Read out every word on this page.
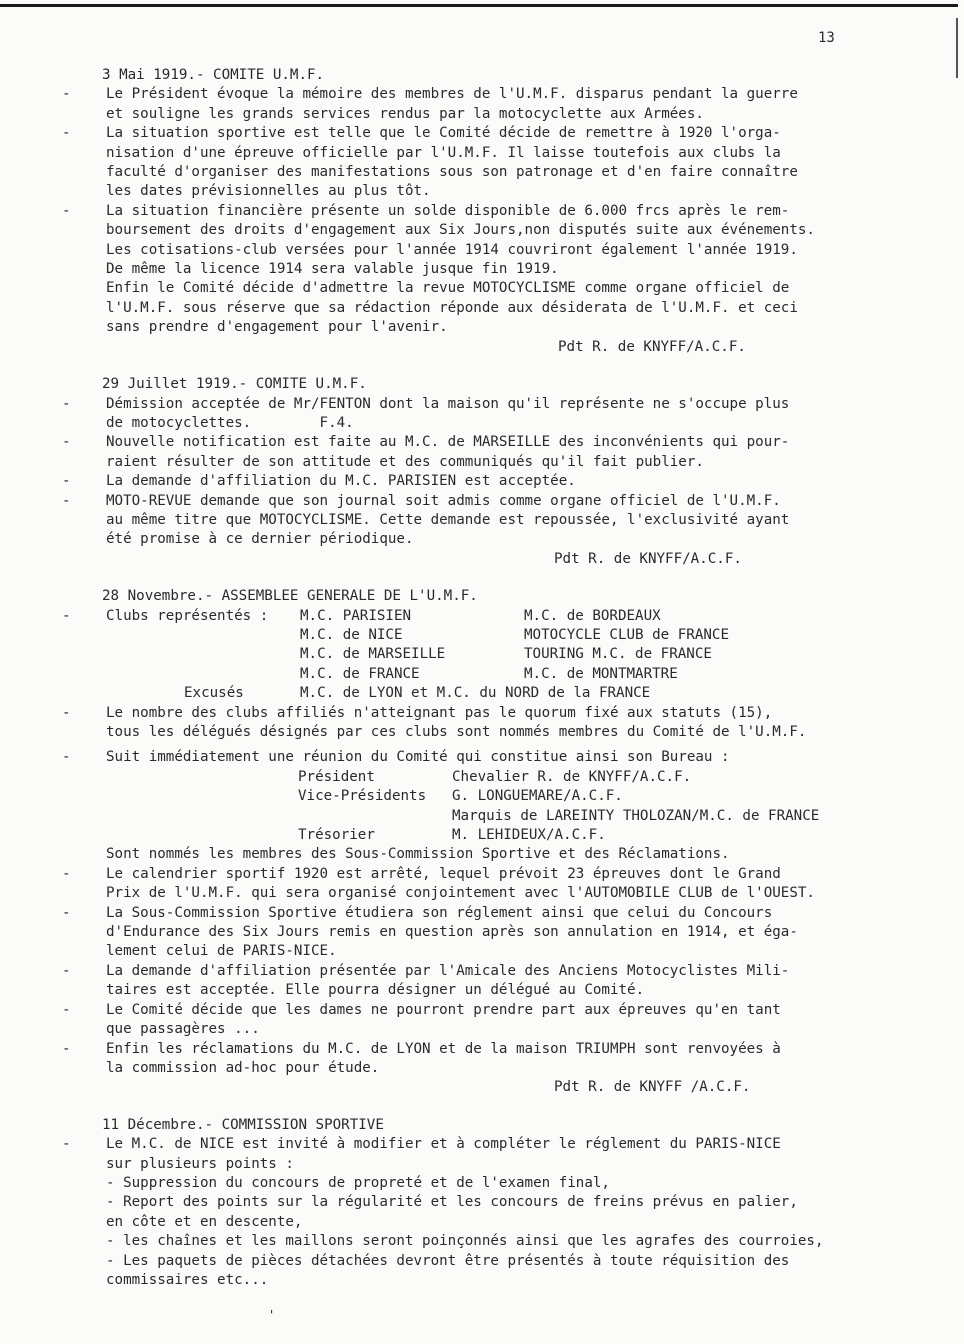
13
3 Mai 1919.- COMITE U.M.F.
- Le Président évoque la mémoire des membres de l'U.M.F. disparus pendant la guerre
et souligne les grands services rendus par la motocyclette aux Armées.
- La situation sportive est telle que le Comité décide de remettre à 1920 l'orga-
nisation d'une épreuve officielle par l'U.M.F. Il laisse toutefois aux clubs la
faculté d'organiser des manifestations sous son patronage et d'en faire connaître
les dates prévisionnelles au plus tôt.
- La situation financière présente un solde disponible de 6.000 frcs après le rem-
boursement des droits d'engagement aux Six Jours,non disputés suite aux événements.
Les cotisations-club versées pour l'année 1914 couvriront également l'année 1919.
De même la licence 1914 sera valable jusque fin 1919.
Enfin le Comité décide d'admettre la revue MOTOCYCLISME comme organe officiel de
l'U.M.F. sous réserve que sa rédaction réponde aux désiderata de l'U.M.F. et ceci
sans prendre d'engagement pour l'avenir.
Pdt R. de KNYFF/A.C.F.
29 Juillet 1919.- COMITE U.M.F.
- Démission acceptée de Mr/FENTON dont la maison qu'il représente ne s'occupe plus
de motocyclettes.        F.4.
- Nouvelle notification est faite au M.C. de MARSEILLE des inconvénients qui pour-
raient résulter de son attitude et des communiqués qu'il fait publier.
- La demande d'affiliation du M.C. PARISIEN est acceptée.
- MOTO-REVUE demande que son journal soit admis comme organe officiel de l'U.M.F.
au même titre que MOTOCYCLISME. Cette demande est repoussée, l'exclusivité ayant
été promise à ce dernier périodique.
Pdt R. de KNYFF/A.C.F.
28 Novembre.- ASSEMBLEE GENERALE DE L'U.M.F.
- Clubs représentés :	M.C. PARISIEN	M.C. de BORDEAUX
M.C. de NICE	MOTOCYCLE CLUB de FRANCE
M.C. de MARSEILLE	TOURING M.C. de FRANCE
M.C. de FRANCE	M.C. de MONTMARTRE
Excusés	M.C. de LYON et M.C. du NORD de la FRANCE
- Le nombre des clubs affiliés n'atteignant pas le quorum fixé aux statuts (15),
tous les délégués désignés par ces clubs sont nommés membres du Comité de l'U.M.F.
- Suit immédiatement une réunion du Comité qui constitue ainsi son Bureau :
Président	Chevalier R. de KNYFF/A.C.F.
Vice-Présidents	G. LONGUEMARE/A.C.F.
Marquis de LAREINTY THOLOZAN/M.C. de FRANCE
Trésorier	M. LEHIDEUX/A.C.F.
Sont nommés les membres des Sous-Commission Sportive et des Réclamations.
- Le calendrier sportif 1920 est arrêté, lequel prévoit 23 épreuves dont le Grand
Prix de l'U.M.F. qui sera organisé conjointement avec l'AUTOMOBILE CLUB de l'OUEST.
- La Sous-Commission Sportive étudiera son réglement ainsi que celui du Concours
d'Endurance des Six Jours remis en question après son annulation en 1914, et éga-
lement celui de PARIS-NICE.
- La demande d'affiliation présentée par l'Amicale des Anciens Motocyclistes Mili-
taires est acceptée. Elle pourra désigner un délégué au Comité.
- Le Comité décide que les dames ne pourront prendre part aux épreuves qu'en tant
que passagères ...
- Enfin les réclamations du M.C. de LYON et de la maison TRIUMPH sont renvoyées à
la commission ad-hoc pour étude.
Pdt R. de KNYFF /A.C.F.
11 Décembre.- COMMISSION SPORTIVE
- Le M.C. de NICE est invité à modifier et à compléter le réglement du PARIS-NICE
sur plusieurs points :
- Suppression du concours de propreté et de l'examen final,
- Report des points sur la régularité et les concours de freins prévus en palier,
en côte et en descente,
- les chaînes et les maillons seront poinçonnés ainsi que les agrafes des courroies,
- Les paquets de pièces détachées devront être présentés à toute réquisition des
commissaires etc...
'
